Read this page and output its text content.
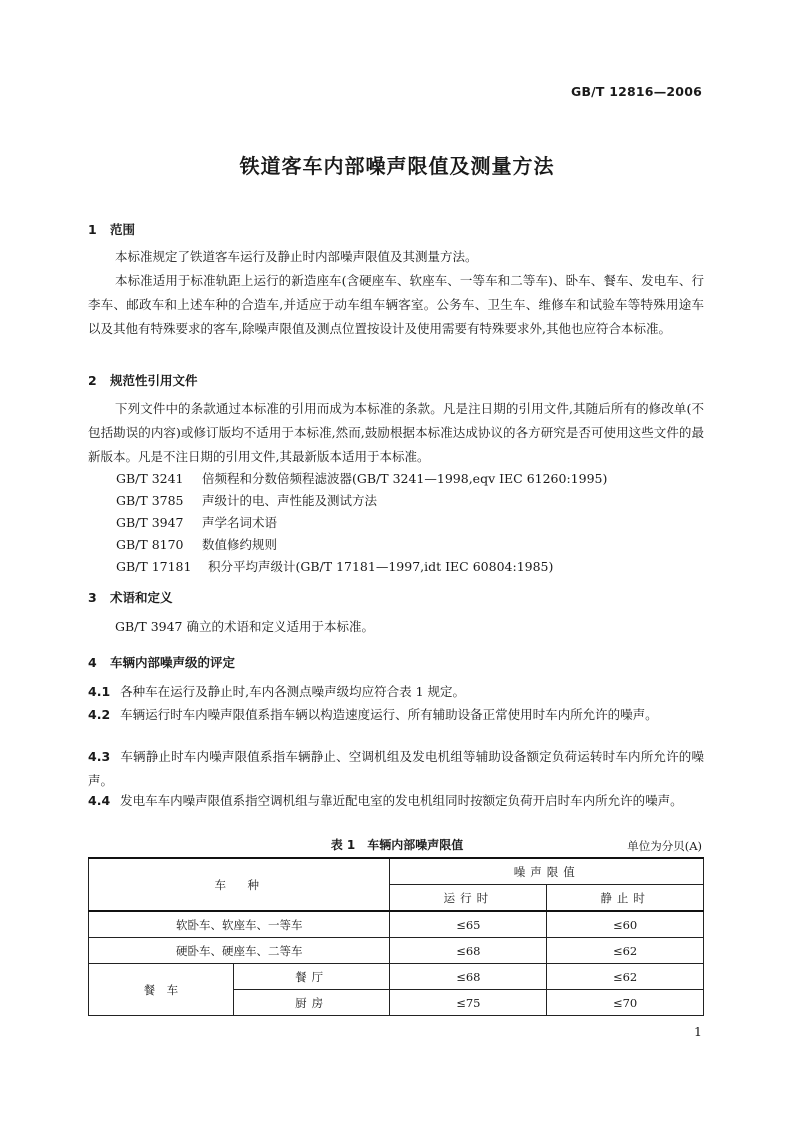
GB/T 12816—2006
铁道客车内部噪声限值及测量方法
1 范围
本标准规定了铁道客车运行及静止时内部噪声限值及其测量方法。
本标准适用于标准轨距上运行的新造座车(含硬座车、软座车、一等车和二等车)、卧车、餐车、发电车、行李车、邮政车和上述车种的合造车,并适应于动车组车辆客室。公务车、卫生车、维修车和试验车等特殊用途车以及其他有特殊要求的客车,除噪声限值及测点位置按设计及使用需要有特殊要求外,其他也应符合本标准。
2 规范性引用文件
下列文件中的条款通过本标准的引用而成为本标准的条款。凡是注日期的引用文件,其随后所有的修改单(不包括勘误的内容)或修订版均不适用于本标准,然而,鼓励根据本标准达成协议的各方研究是否可使用这些文件的最新版本。凡是不注日期的引用文件,其最新版本适用于本标准。
GB/T 3241 倍频程和分数倍频程滤波器(GB/T 3241—1998,eqv IEC 61260:1995)
GB/T 3785 声级计的电、声性能及测试方法
GB/T 3947 声学名词术语
GB/T 8170 数值修约规则
GB/T 17181 积分平均声级计(GB/T 17181—1997,idt IEC 60804:1985)
3 术语和定义
GB/T 3947 确立的术语和定义适用于本标准。
4 车辆内部噪声级的评定
4.1 各种车在运行及静止时,车内各测点噪声级均应符合表 1 规定。
4.2 车辆运行时车内噪声限值系指车辆以构造速度运行、所有辅助设备正常使用时车内所允许的噪声。
4.3 车辆静止时车内噪声限值系指车辆静止、空调机组及发电机组等辅助设备额定负荷运转时车内所允许的噪声。
4.4 发电车车内噪声限值系指空调机组与靠近配电室的发电机组同时按额定负荷开启时车内所允许的噪声。
表 1　车辆内部噪声限值	单位为分贝(A)
车　种		噪声限值	
		运行时	静止时
软卧车、软座车、一等车		≤65	≤60
硬卧车、硬座车、二等车		≤68	≤62
餐　车	餐厅	≤68	≤62
	厨房	≤75	≤70
1
